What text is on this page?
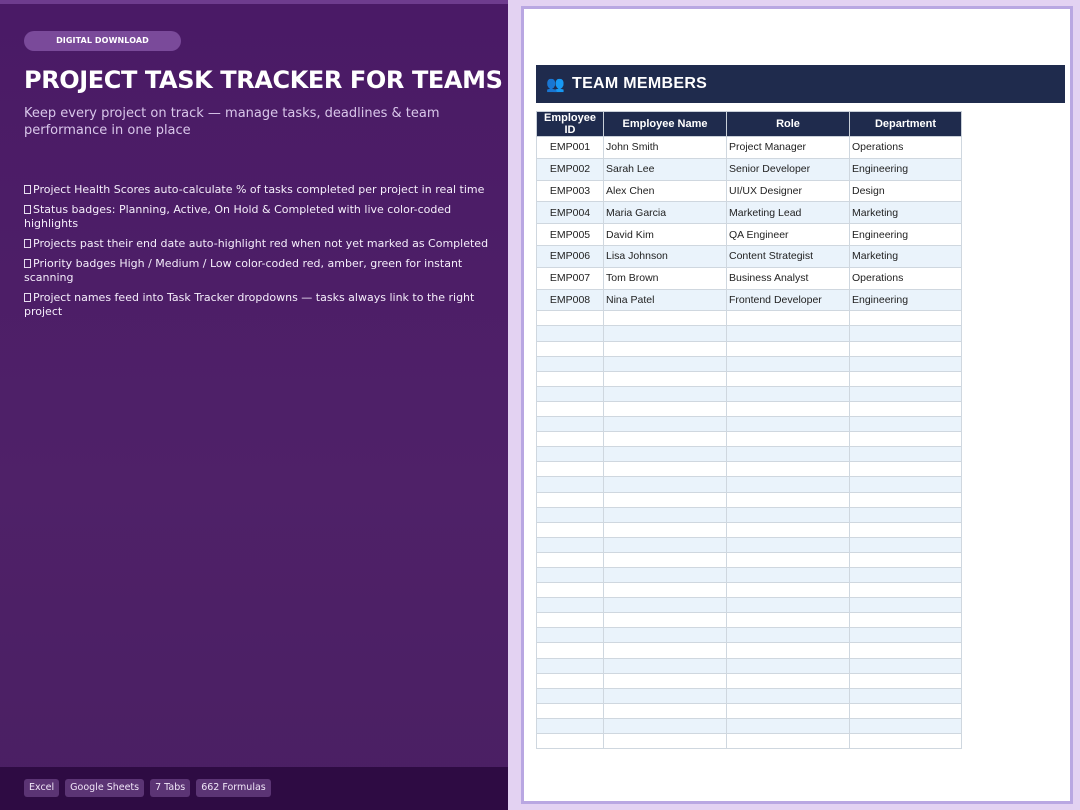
DIGITAL DOWNLOAD
PROJECT TASK TRACKER FOR TEAMS
Keep every project on track — manage tasks, deadlines & team performance in one place
Project Health Scores auto-calculate % of tasks completed per project in real time
Status badges: Planning, Active, On Hold & Completed with live color-coded highlights
Projects past their end date auto-highlight red when not yet marked as Completed
Priority badges High / Medium / Low color-coded red, amber, green for instant scanning
Project names feed into Task Tracker dropdowns — tasks always link to the right project
Excel	Google Sheets	7 Tabs	662 Formulas
👥 TEAM MEMBERS
Employee ID	Employee Name	Role	Department
EMP001	John Smith	Project Manager	Operations
EMP002	Sarah Lee	Senior Developer	Engineering
EMP003	Alex Chen	UI/UX Designer	Design
EMP004	Maria Garcia	Marketing Lead	Marketing
EMP005	David Kim	QA Engineer	Engineering
EMP006	Lisa Johnson	Content Strategist	Marketing
EMP007	Tom Brown	Business Analyst	Operations
EMP008	Nina Patel	Frontend Developer	Engineering
